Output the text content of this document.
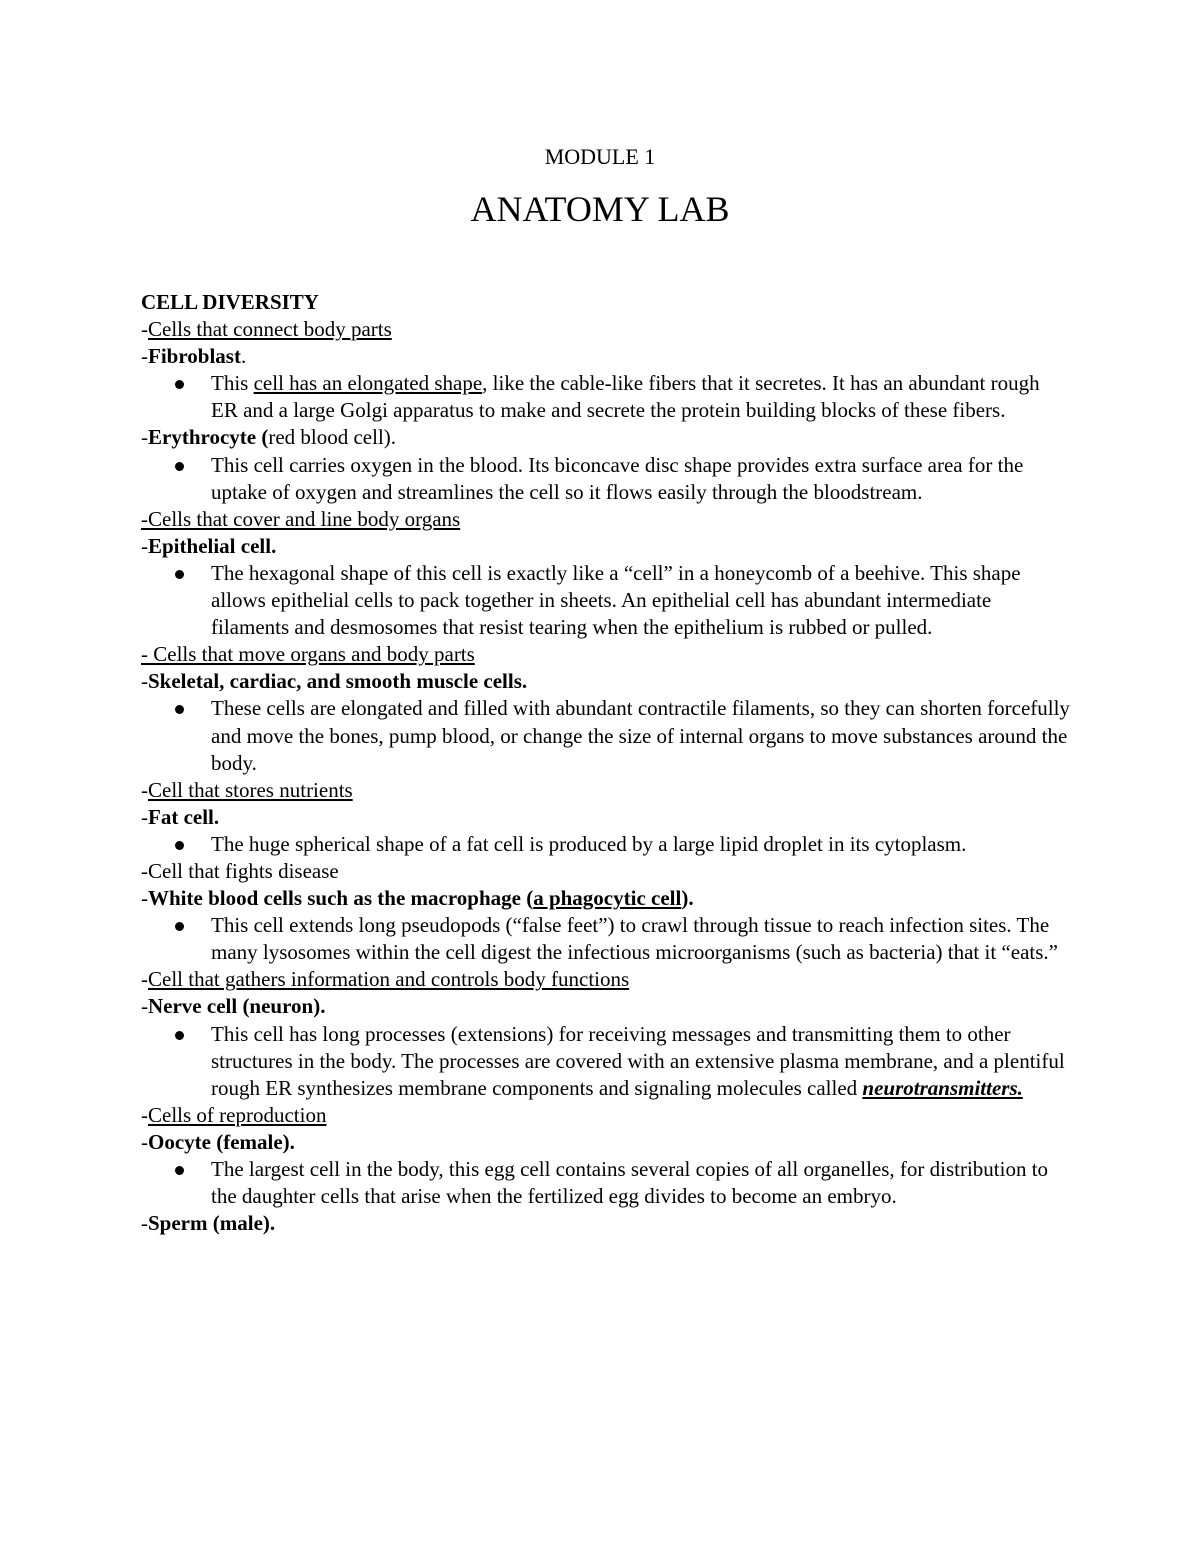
MODULE 1
ANATOMY LAB
CELL DIVERSITY
-Cells that connect body parts
-Fibroblast.
This cell has an elongated shape, like the cable-like fibers that it secretes. It has an abundant rough ER and a large Golgi apparatus to make and secrete the protein building blocks of these fibers.
-Erythrocyte (red blood cell).
This cell carries oxygen in the blood. Its biconcave disc shape provides extra surface area for the uptake of oxygen and streamlines the cell so it flows easily through the bloodstream.
-Cells that cover and line body organs
-Epithelial cell.
The hexagonal shape of this cell is exactly like a “cell” in a honeycomb of a beehive. This shape allows epithelial cells to pack together in sheets. An epithelial cell has abundant intermediate filaments and desmosomes that resist tearing when the epithelium is rubbed or pulled.
- Cells that move organs and body parts
-Skeletal, cardiac, and smooth muscle cells.
These cells are elongated and filled with abundant contractile filaments, so they can shorten forcefully and move the bones, pump blood, or change the size of internal organs to move substances around the body.
-Cell that stores nutrients
-Fat cell.
The huge spherical shape of a fat cell is produced by a large lipid droplet in its cytoplasm.
-Cell that fights disease
-White blood cells such as the macrophage (a phagocytic cell).
This cell extends long pseudopods (“false feet”) to crawl through tissue to reach infection sites. The many lysosomes within the cell digest the infectious microorganisms (such as bacteria) that it “eats.”
-Cell that gathers information and controls body functions
-Nerve cell (neuron).
This cell has long processes (extensions) for receiving messages and transmitting them to other structures in the body. The processes are covered with an extensive plasma membrane, and a plentiful rough ER synthesizes membrane components and signaling molecules called neurotransmitters.
-Cells of reproduction
-Oocyte (female).
The largest cell in the body, this egg cell contains several copies of all organelles, for distribution to the daughter cells that arise when the fertilized egg divides to become an embryo.
-Sperm (male).
